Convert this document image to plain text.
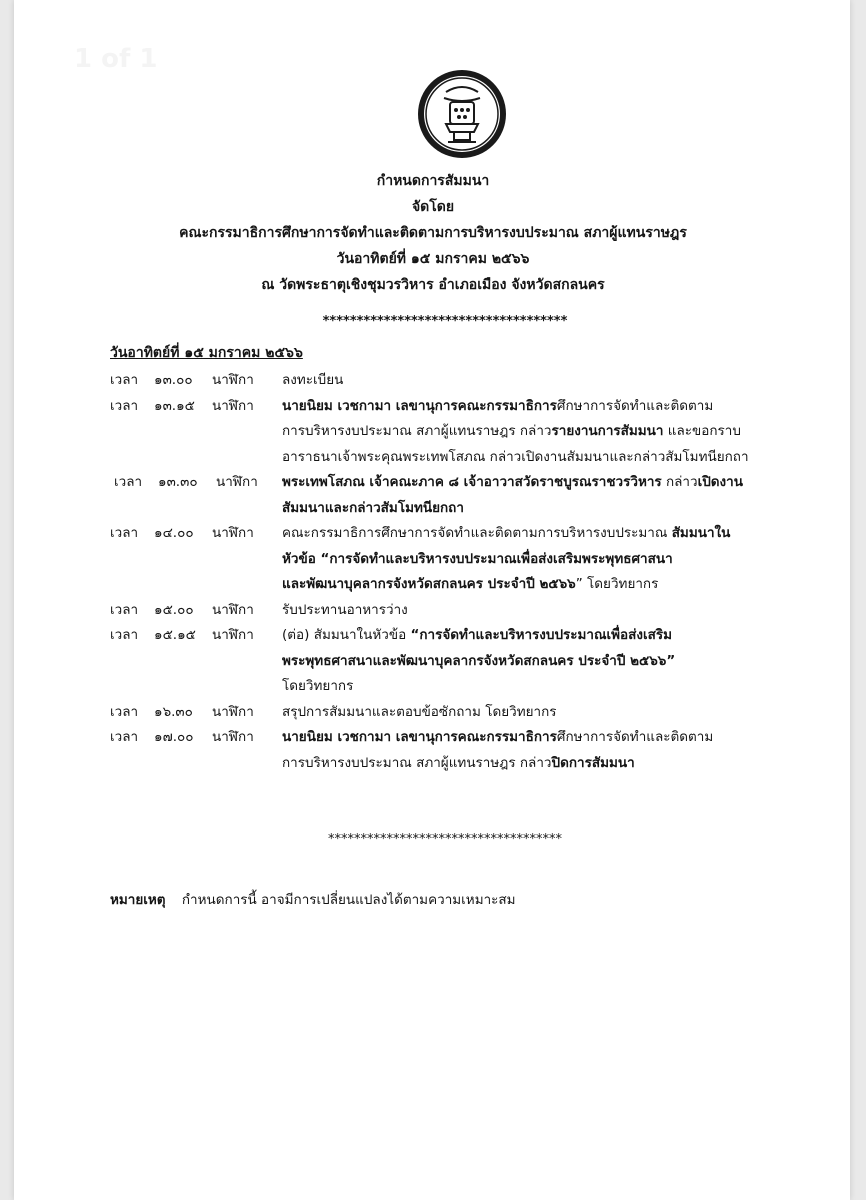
1 of 1
************************************
************************************
กำหนดการสัมมนา
จัดโดย
คณะกรรมาธิการศึกษาการจัดทำและติดตามการบริหารงบประมาณ สภาผู้แทนราษฎร
วันอาทิตย์ที่ ๑๕ มกราคม ๒๕๖๖
ณ วัดพระธาตุเชิงชุมวรวิหาร อำเภอเมือง จังหวัดสกลนคร
วันอาทิตย์ที่ ๑๕ มกราคม ๒๕๖๖
เวลา ๑๓.๐๐ นาฬิกา	ลงทะเบียน
เวลา ๑๓.๑๕ นาฬิกา	นายนิยม เวชกามา เลขานุการคณะกรรมาธิการศึกษาการจัดทำและติดตาม
การบริหารงบประมาณ สภาผู้แทนราษฎร กล่าวรายงานการสัมมนา และขอกราบ
อาราธนาเจ้าพระคุณพระเทพโสภณ กล่าวเปิดงานสัมมนาและกล่าวสัมโมทนียกถา
เวลา ๑๓.๓๐ นาฬิกา	พระเทพโสภณ เจ้าคณะภาค ๘ เจ้าอาวาสวัดราชบูรณราชวรวิหาร กล่าวเปิดงาน
สัมมนาและกล่าวสัมโมทนียกถา
เวลา ๑๔.๐๐ นาฬิกา	คณะกรรมาธิการศึกษาการจัดทำและติดตามการบริหารงบประมาณ สัมมนาใน
หัวข้อ “การจัดทำและบริหารงบประมาณเพื่อส่งเสริมพระพุทธศาสนา
และพัฒนาบุคลากรจังหวัดสกลนคร ประจำปี ๒๕๖๖” โดยวิทยากร
เวลา ๑๕.๐๐ นาฬิกา	รับประทานอาหารว่าง
เวลา ๑๕.๑๕ นาฬิกา	(ต่อ) สัมมนาในหัวข้อ “การจัดทำและบริหารงบประมาณเพื่อส่งเสริม
พระพุทธศาสนาและพัฒนาบุคลากรจังหวัดสกลนคร ประจำปี ๒๕๖๖”
โดยวิทยากร
เวลา ๑๖.๓๐ นาฬิกา	สรุปการสัมมนาและตอบข้อซักถาม โดยวิทยากร
เวลา ๑๗.๐๐ นาฬิกา	นายนิยม เวชกามา เลขานุการคณะกรรมาธิการศึกษาการจัดทำและติดตาม
การบริหารงบประมาณ สภาผู้แทนราษฎร กล่าวปิดการสัมมนา
หมายเหตุ กำหนดการนี้ อาจมีการเปลี่ยนแปลงได้ตามความเหมาะสม
